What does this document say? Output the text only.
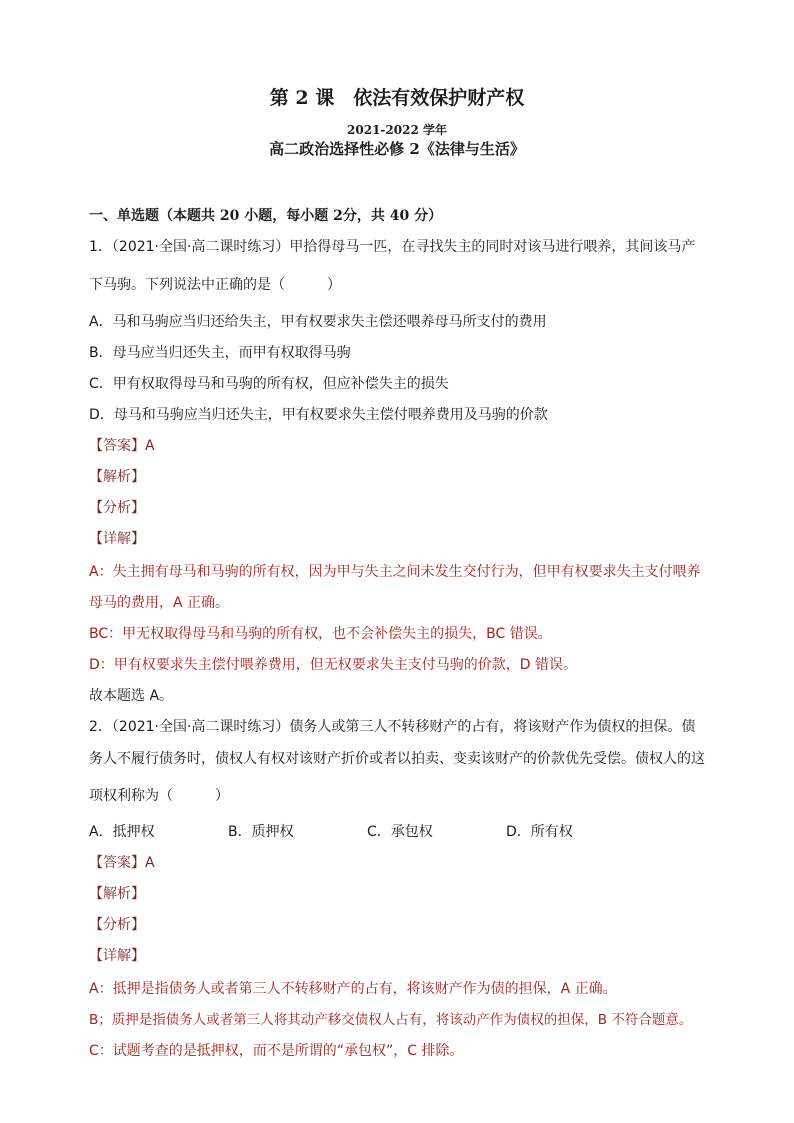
第 2 课　依法有效保护财产权
2021-2022 学年
高二政治选择性必修 2《法律与生活》
一、单选题（本题共 20 小题，每小题 2分，共 40 分）
1．（2021·全国·高二课时练习）甲拾得母马一匹，在寻找失主的同时对该马进行喂养，其间该马产
下马驹。下列说法中正确的是（　　　）
A．马和马驹应当归还给失主，甲有权要求失主偿还喂养母马所支付的费用
B．母马应当归还失主，而甲有权取得马驹
C．甲有权取得母马和马驹的所有权，但应补偿失主的损失
D．母马和马驹应当归还失主，甲有权要求失主偿付喂养费用及马驹的价款
【答案】A
【解析】
【分析】
【详解】
A：失主拥有母马和马驹的所有权，因为甲与失主之间未发生交付行为，但甲有权要求失主支付喂养
母马的费用，A 正确。
BC：甲无权取得母马和马驹的所有权，也不会补偿失主的损失，BC 错误。
D：甲有权要求失主偿付喂养费用，但无权要求失主支付马驹的价款，D 错误。
故本题选 A。
2．（2021·全国·高二课时练习）债务人或第三人不转移财产的占有，将该财产作为债权的担保。债
务人不履行债务时，债权人有权对该财产折价或者以拍卖、变卖该财产的价款优先受偿。债权人的这
项权利称为（　　　）
A．抵押权	B．质押权	C．承包权	D．所有权
【答案】A
【解析】
【分析】
【详解】
A：抵押是指债务人或者第三人不转移财产的占有，将该财产作为债的担保，A 正确。
B；质押是指债务人或者第三人将其动产移交债权人占有，将该动产作为债权的担保，B 不符合题意。
C：试题考查的是抵押权，而不是所谓的“承包权”，C 排除。
